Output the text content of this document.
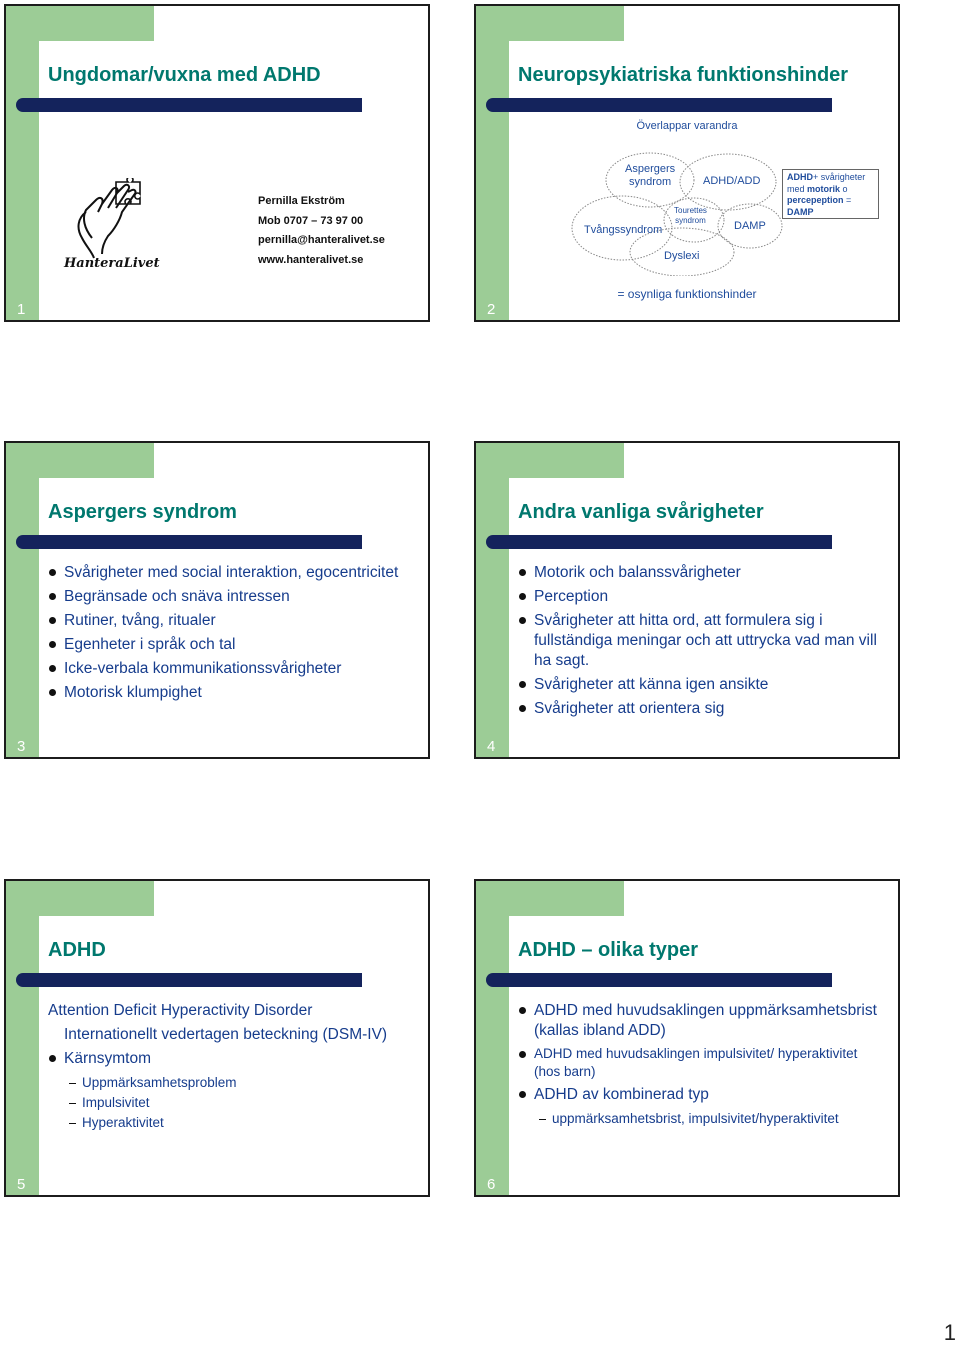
Ungdomar/vuxna med ADHD
HanteraLivet
Pernilla Ekström
Mob 0707 – 73 97 00
pernilla@hanteralivet.se
www.hanteralivet.se
1
Neuropsykiatriska funktionshinder
Överlappar varandra
Aspergers
syndrom	ADHD/ADD
Tourettes
syndrom	DAMP
Tvångssyndrom
Dyslexi
ADHD+ svårigheter
med motorik o
percepeption =
DAMP
= osynliga funktionshinder
2
Aspergers syndrom
Svårigheter med social interaktion, egocentricitet
Begränsade och snäva intressen
Rutiner, tvång, ritualer
Egenheter i språk och tal
Icke-verbala kommunikationssvårigheter
Motorisk klumpighet
3
Andra vanliga svårigheter
Motorik och balanssvårigheter
Perception
Svårigheter att hitta ord, att formulera sig i fullständiga meningar och att uttrycka vad man vill ha sagt.
Svårigheter att känna igen ansikte
Svårigheter att orientera sig
4
ADHD
Attention Deficit Hyperactivity Disorder
Internationellt vedertagen beteckning (DSM-IV)
Kärnsymtom
Uppmärksamhetsproblem
Impulsivitet
Hyperaktivitet
5
ADHD – olika typer
ADHD med huvudsaklingen uppmärksamhetsbrist (kallas ibland ADD)
ADHD med huvudsaklingen impulsivitet/ hyperaktivitet (hos barn)
ADHD av kombinerad typ
uppmärksamhetsbrist, impulsivitet/hyperaktivitet
6
1
